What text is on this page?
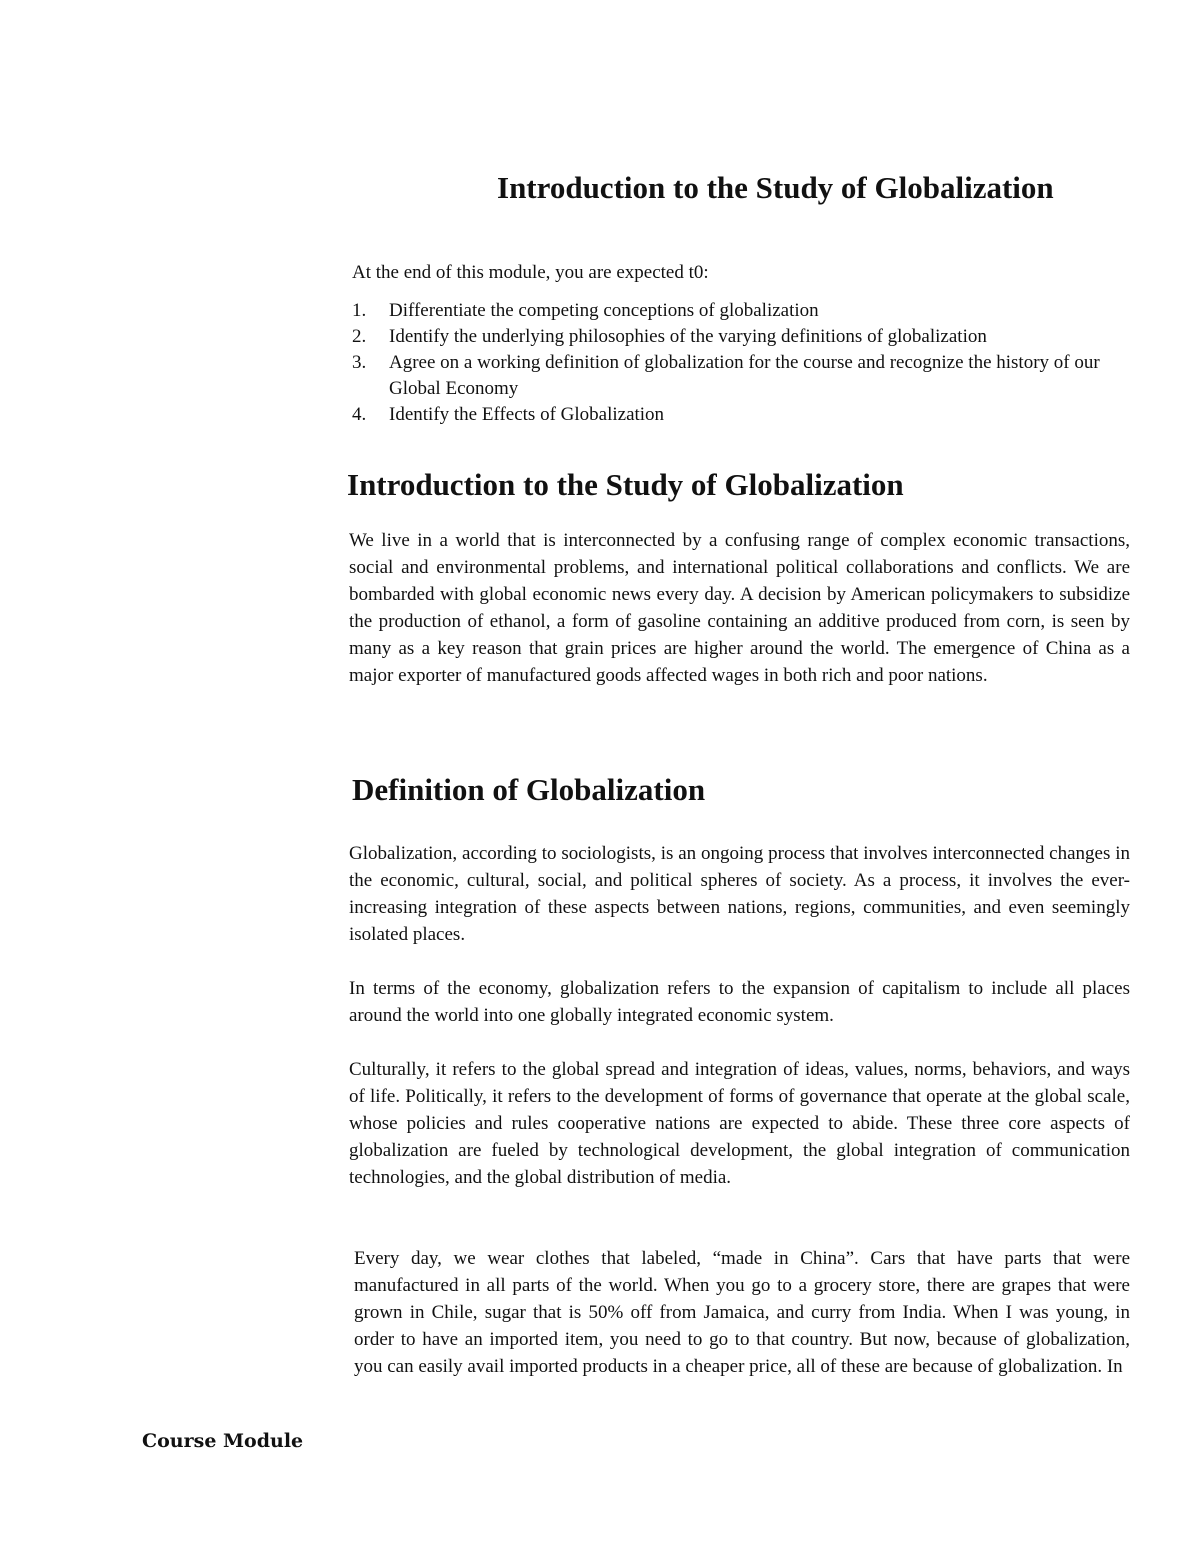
Introduction to the Study of Globalization

At the end of this module, you are expected t0:

1. Differentiate the competing conceptions of globalization
2. Identify the underlying philosophies of the varying definitions of globalization
3. Agree on a working definition of globalization for the course and recognize the history of our Global Economy
4. Identify the Effects of Globalization
Introduction to the Study of Globalization

We live in a world that is interconnected by a confusing range of complex economic transactions, social and environmental problems, and international political collaborations and conflicts. We are bombarded with global economic news every day. A decision by American policymakers to subsidize the production of ethanol, a form of gasoline containing an additive produced from corn, is seen by many as a key reason that grain prices are higher around the world. The emergence of China as a major exporter of manufactured goods affected wages in both rich and poor nations.

Definition of Globalization

Globalization, according to sociologists, is an ongoing process that involves interconnected changes in the economic, cultural, social, and political spheres of society. As a process, it involves the ever-increasing integration of these aspects between nations, regions, communities, and even seemingly isolated places.

In terms of the economy, globalization refers to the expansion of capitalism to include all places around the world into one globally integrated economic system.

Culturally, it refers to the global spread and integration of ideas, values, norms, behaviors, and ways of life. Politically, it refers to the development of forms of governance that operate at the global scale, whose policies and rules cooperative nations are expected to abide. These three core aspects of globalization are fueled by technological development, the global integration of communication technologies, and the global distribution of media.

Every day, we wear clothes that labeled, “made in China”. Cars that have parts that were manufactured in all parts of the world. When you go to a grocery store, there are grapes that were grown in Chile, sugar that is 50% off from Jamaica, and curry from India. When I was young, in order to have an imported item, you need to go to that country. But now, because of globalization, you can easily avail imported products in a cheaper price, all of these are because of globalization. In

Course Module
